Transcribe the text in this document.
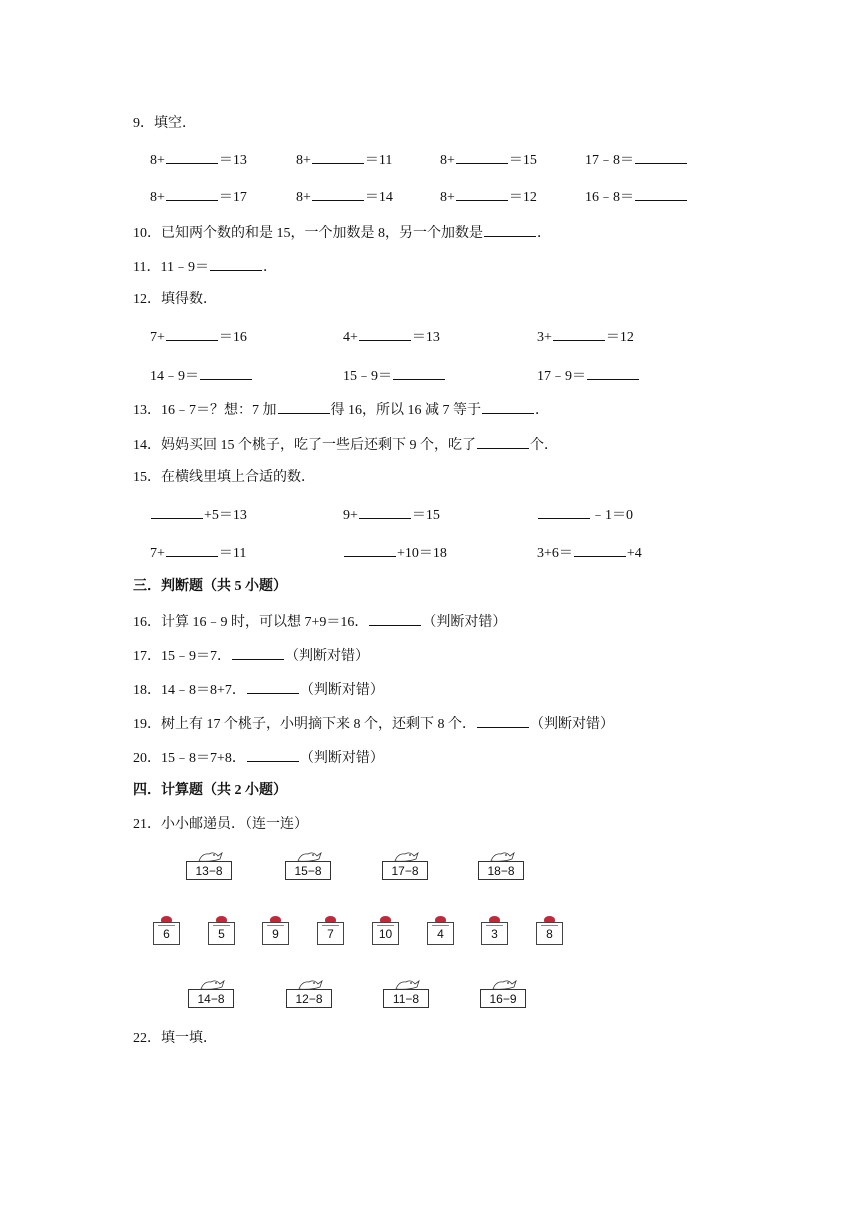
9．填空．
8+	＝13	8+	＝11	8+	＝15	17﹣8＝
8+	＝17	8+	＝14	8+	＝12	16﹣8＝
10．已知两个数的和是 15，一个加数是 8，另一个加数是	．
11．11﹣9＝	．
12．填得数．
7+	＝16	4+	＝13	3+	＝12
14﹣9＝	15﹣9＝	17﹣9＝
13．16﹣7＝？想：7 加	得 16，所以 16 减 7 等于	．
14．妈妈买回 15 个桃子，吃了一些后还剩下 9 个，吃了	个．
15．在横线里填上合适的数．
+5＝13	9+	＝15	﹣1＝0
7+	＝11	+10＝18	3+6＝	+4
三．判断题（共 5 小题）
16．计算 16﹣9 时，可以想 7+9＝16．	（判断对错）
17．15﹣9＝7．	（判断对错）
18．14﹣8＝8+7．	（判断对错）
19．树上有 17 个桃子，小明摘下来 8 个，还剩下 8 个．	（判断对错）
20．15﹣8＝7+8．	（判断对错）
四．计算题（共 2 小题）
21．小小邮递员．（连一连）
13−8	15−8	17−8	18−8
6	5	9	7	10	4	3	8
14−8	12−8	11−8	16−9
22．填一填．
